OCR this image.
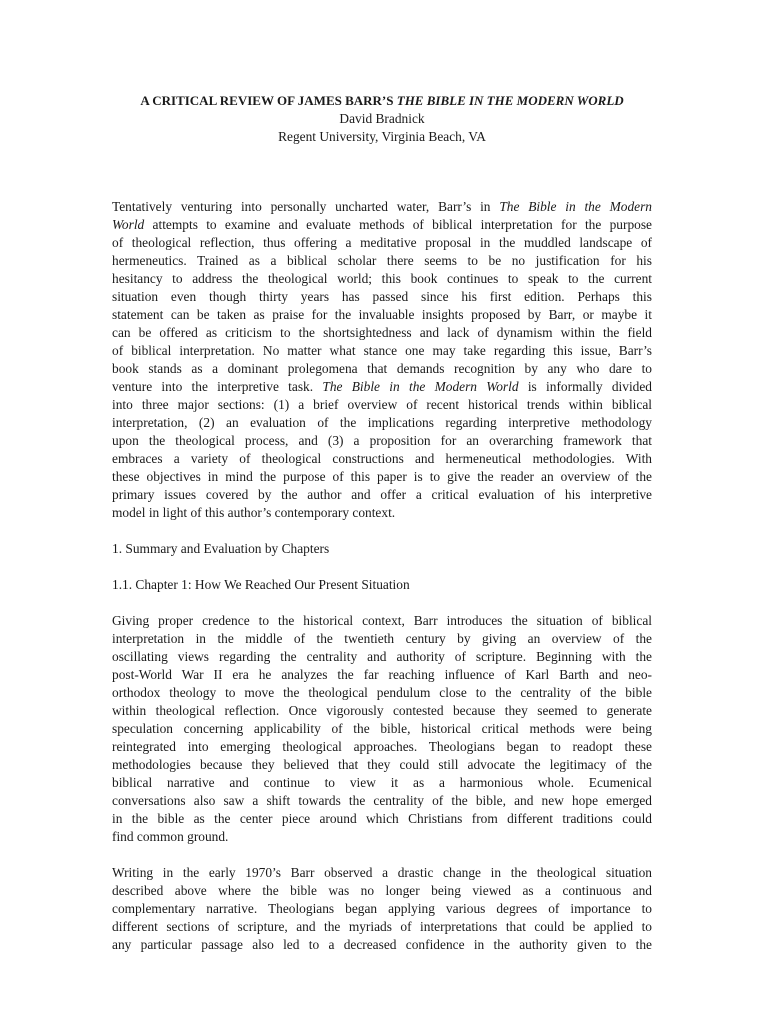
A CRITICAL REVIEW OF JAMES BARR’S THE BIBLE IN THE MODERN WORLD

David Bradnick

Regent University, Virginia Beach, VA

Tentatively venturing into personally uncharted water, Barr’s in The Bible in the Modern
World attempts to examine and evaluate methods of biblical interpretation for the purpose
of theological reflection, thus offering a meditative proposal in the muddled landscape of
hermeneutics. Trained as a biblical scholar there seems to be no justification for his
hesitancy to address the theological world; this book continues to speak to the current
situation even though thirty years has passed since his first edition. Perhaps this
statement can be taken as praise for the invaluable insights proposed by Barr, or maybe it
can be offered as criticism to the shortsightedness and lack of dynamism within the field
of biblical interpretation. No matter what stance one may take regarding this issue, Barr’s
book stands as a dominant prolegomena that demands recognition by any who dare to
venture into the interpretive task. The Bible in the Modern World is informally divided
into three major sections: (1) a brief overview of recent historical trends within biblical
interpretation, (2) an evaluation of the implications regarding interpretive methodology
upon the theological process, and (3) a proposition for an overarching framework that
embraces a variety of theological constructions and hermeneutical methodologies. With
these objectives in mind the purpose of this paper is to give the reader an overview of the
primary issues covered by the author and offer a critical evaluation of his interpretive
model in light of this author’s contemporary context.

1. Summary and Evaluation by Chapters

1.1. Chapter 1: How We Reached Our Present Situation

Giving proper credence to the historical context, Barr introduces the situation of biblical
interpretation in the middle of the twentieth century by giving an overview of the
oscillating views regarding the centrality and authority of scripture. Beginning with the
post-World War II era he analyzes the far reaching influence of Karl Barth and neo-
orthodox theology to move the theological pendulum close to the centrality of the bible
within theological reflection. Once vigorously contested because they seemed to generate
speculation concerning applicability of the bible, historical critical methods were being
reintegrated into emerging theological approaches. Theologians began to readopt these
methodologies because they believed that they could still advocate the legitimacy of the
biblical narrative and continue to view it as a harmonious whole. Ecumenical
conversations also saw a shift towards the centrality of the bible, and new hope emerged
in the bible as the center piece around which Christians from different traditions could
find common ground.
Writing in the early 1970’s Barr observed a drastic change in the theological situation
described above where the bible was no longer being viewed as a continuous and
complementary narrative. Theologians began applying various degrees of importance to
different sections of scripture, and the myriads of interpretations that could be applied to
any particular passage also led to a decreased confidence in the authority given to the
